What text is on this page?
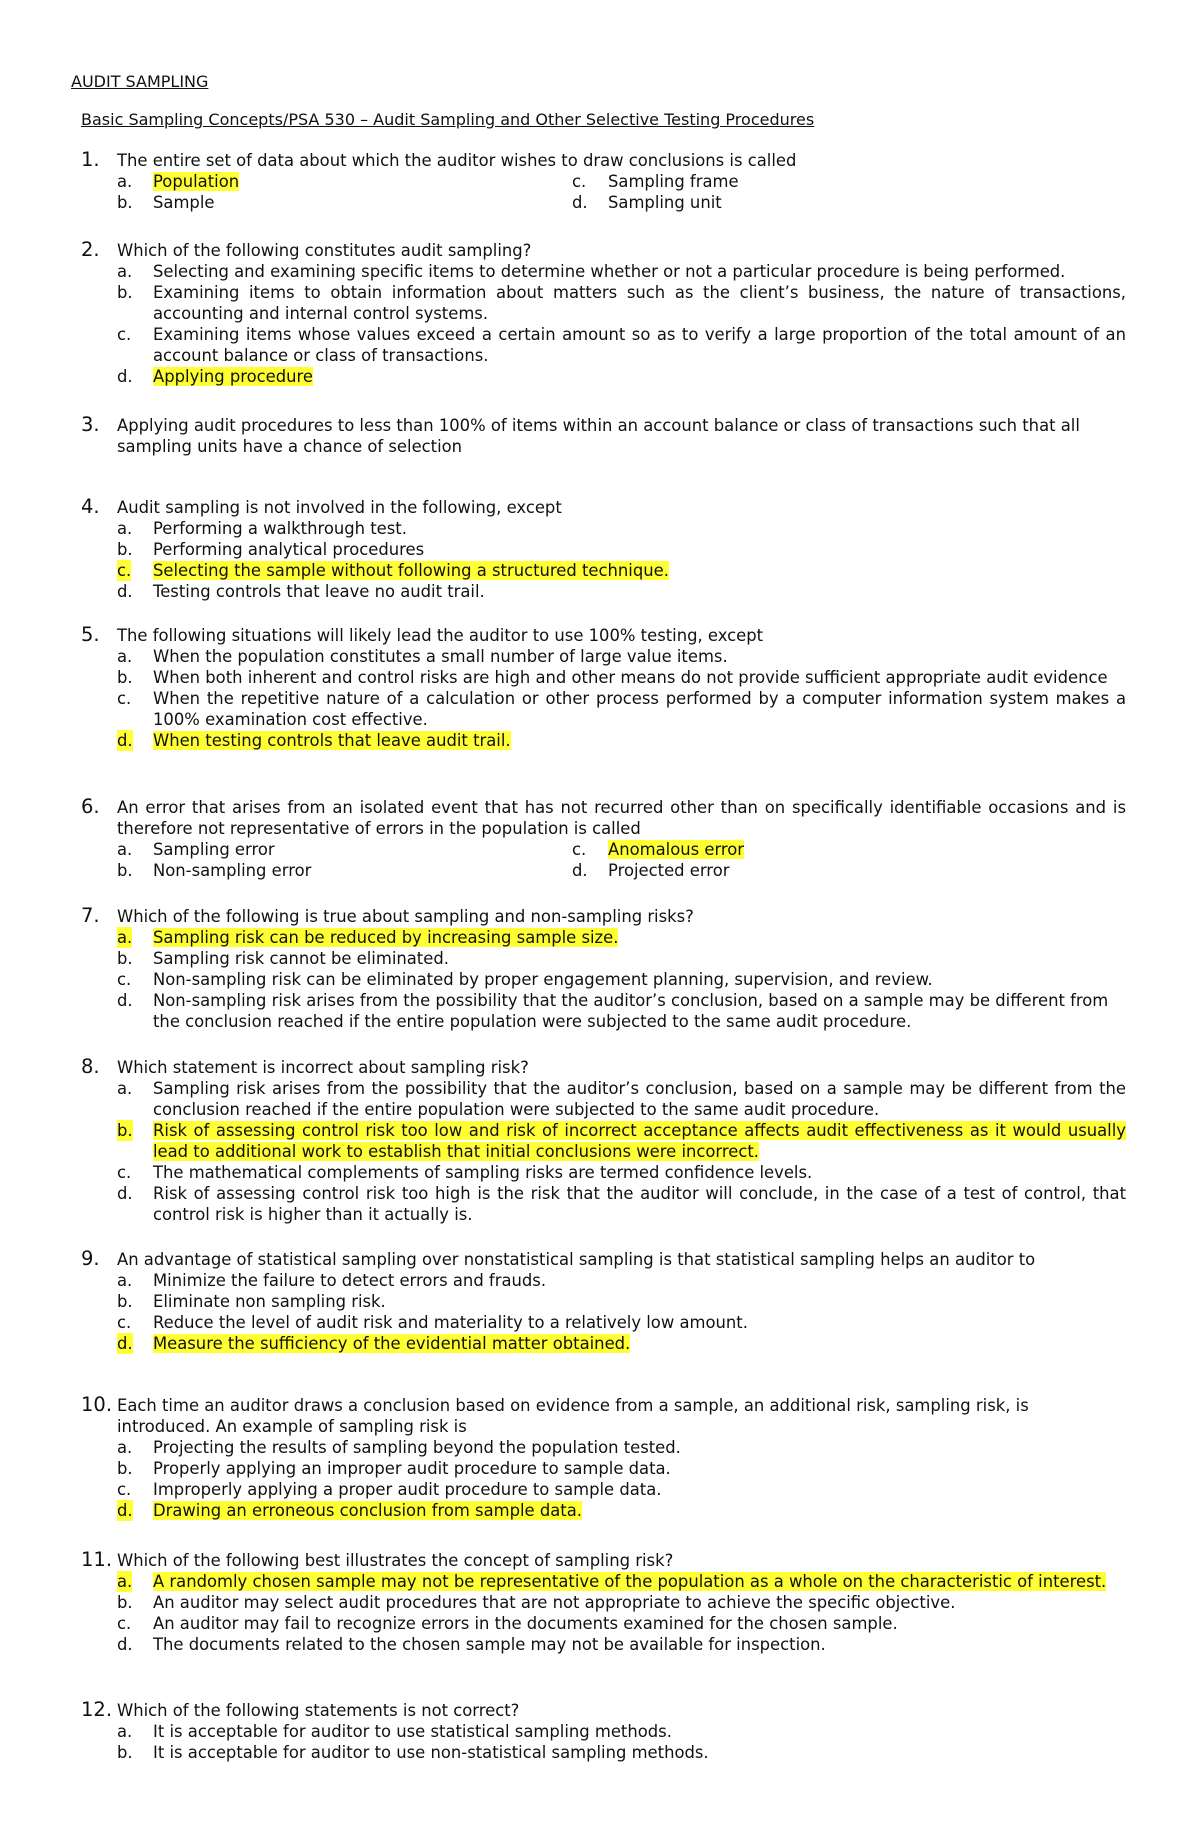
AUDIT SAMPLING
Basic Sampling Concepts/PSA 530 – Audit Sampling and Other Selective Testing Procedures
1. The entire set of data about which the auditor wishes to draw conclusions is called
a. Population	c. Sampling frame
b. Sample	d. Sampling unit
2. Which of the following constitutes audit sampling?
a. Selecting and examining specific items to determine whether or not a particular procedure is being performed.
b. Examining items to obtain information about matters such as the client’s business, the nature of transactions, accounting and internal control systems.
c. Examining items whose values exceed a certain amount so as to verify a large proportion of the total amount of an account balance or class of transactions.
d. Applying procedure
3. Applying audit procedures to less than 100% of items within an account balance or class of transactions such that all sampling units have a chance of selection
4. Audit sampling is not involved in the following, except
a. Performing a walkthrough test.
b. Performing analytical procedures
c. Selecting the sample without following a structured technique.
d. Testing controls that leave no audit trail.
5. The following situations will likely lead the auditor to use 100% testing, except
a. When the population constitutes a small number of large value items.
b. When both inherent and control risks are high and other means do not provide sufficient appropriate audit evidence
c. When the repetitive nature of a calculation or other process performed by a computer information system makes a 100% examination cost effective.
d. When testing controls that leave audit trail.
6. An error that arises from an isolated event that has not recurred other than on specifically identifiable occasions and is therefore not representative of errors in the population is called
a. Sampling error	c. Anomalous error
b. Non-sampling error	d. Projected error
7. Which of the following is true about sampling and non-sampling risks?
a. Sampling risk can be reduced by increasing sample size.
b. Sampling risk cannot be eliminated.
c. Non-sampling risk can be eliminated by proper engagement planning, supervision, and review.
d. Non-sampling risk arises from the possibility that the auditor’s conclusion, based on a sample may be different from the conclusion reached if the entire population were subjected to the same audit procedure.
8. Which statement is incorrect about sampling risk?
a. Sampling risk arises from the possibility that the auditor’s conclusion, based on a sample may be different from the conclusion reached if the entire population were subjected to the same audit procedure.
b. Risk of assessing control risk too low and risk of incorrect acceptance affects audit effectiveness as it would usually lead to additional work to establish that initial conclusions were incorrect.
c. The mathematical complements of sampling risks are termed confidence levels.
d. Risk of assessing control risk too high is the risk that the auditor will conclude, in the case of a test of control, that control risk is higher than it actually is.
9. An advantage of statistical sampling over nonstatistical sampling is that statistical sampling helps an auditor to
a. Minimize the failure to detect errors and frauds.
b. Eliminate non sampling risk.
c. Reduce the level of audit risk and materiality to a relatively low amount.
d. Measure the sufficiency of the evidential matter obtained.
10. Each time an auditor draws a conclusion based on evidence from a sample, an additional risk, sampling risk, is introduced. An example of sampling risk is
a. Projecting the results of sampling beyond the population tested.
b. Properly applying an improper audit procedure to sample data.
c. Improperly applying a proper audit procedure to sample data.
d. Drawing an erroneous conclusion from sample data.
11. Which of the following best illustrates the concept of sampling risk?
a. A randomly chosen sample may not be representative of the population as a whole on the characteristic of interest.
b. An auditor may select audit procedures that are not appropriate to achieve the specific objective.
c. An auditor may fail to recognize errors in the documents examined for the chosen sample.
d. The documents related to the chosen sample may not be available for inspection.
12. Which of the following statements is not correct?
a. It is acceptable for auditor to use statistical sampling methods.
b. It is acceptable for auditor to use non-statistical sampling methods.
